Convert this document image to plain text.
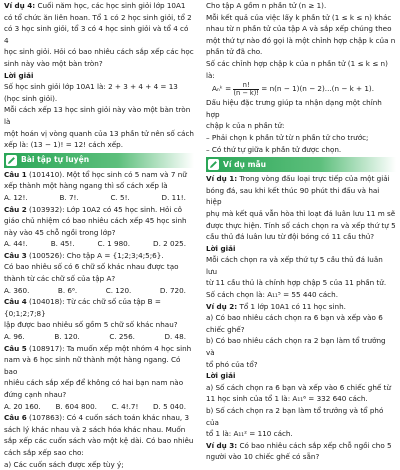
Ví dụ 4: Cuối năm học, các học sinh giỏi lớp 10A1

có tổ chức ăn liên hoan. Tổ 1 có 2 học sinh giỏi, tổ 2

có 3 học sinh giỏi, tổ 3 có 4 học sinh giỏi và tổ 4 có 4

học sinh giỏi. Hỏi có bao nhiêu cách sắp xếp các học

sinh này vào một bàn tròn?

Lời giải

Số học sinh giỏi lớp 10A1 là: 2 + 3 + 4 + 4 = 13

(học sinh giỏi).

Mỗi cách xếp 13 học sinh giỏi này vào một bàn tròn là

một hoán vị vòng quanh của 13 phần tử nên số cách

xếp là: (13 − 1)! = 12! cách xếp.

Bài tập tự luyện

Câu 1 (101410). Một tổ học sinh có 5 nam và 7 nữ

xếp thành một hàng ngang thì số cách xếp là

A. 12!.	B. 7!.	C. 5!.	D. 11!.

Câu 2 (103932): Lớp 10A2 có 45 học sinh. Hỏi cô

giáo chủ nhiệm có bao nhiêu cách xếp 45 học sinh

này vào 45 chỗ ngồi trong lớp?

A. 44!.	B. 45!.	C. 1 980.	D. 2 025.

Câu 3 (100526): Cho tập A = {1;2;3;4;5;6}.

Có bao nhiêu số có 6 chữ số khác nhau được tạo

thành từ các chữ số của tập A?

A. 360.	B. 6⁶.	C. 120.	D. 720.

Câu 4 (104018): Từ các chữ số của tập B = {0;1;2;7;8}

lập được bao nhiêu số gồm 5 chữ số khác nhau?

A. 96.	B. 120.	C. 256.	D. 48.

Câu 5 (108917): Ta muốn xếp một nhóm 4 học sinh

nam và 6 học sinh nữ thành một hàng ngang. Có bao

nhiêu cách sắp xếp để không có hai bạn nam nào

đứng cạnh nhau?

A. 20 160. B. 604 800. C. 4!.7! D. 5 040.

Câu 6 (107863): Có 4 cuốn sách toán khác nhau, 3

sách lý khác nhau và 2 sách hóa khác nhau. Muốn

sắp xếp các cuốn sách vào một kệ dài. Có bao nhiêu

cách sắp xếp sao cho:

a) Các cuốn sách được xếp tùy ý;

Cho tập A gồm n phần tử (n ≥ 1).

Mỗi kết quả của việc lấy k phần tử (1 ≤ k ≤ n) khác

nhau từ n phần tử của tập A và sắp xếp chúng theo

một thứ tự nào đó gọi là một chỉnh hợp chập k của n

phần tử đã cho.

Số các chỉnh hợp chập k của n phần tử (1 ≤ k ≤ n) là:

Aₙᵏ = $\frac{n!}{(n - k)!} = n(n - 1)(n - 2)...(n - k + 1)$.

Dấu hiệu đặc trưng giúp ta nhận dạng một chỉnh hợp

chập k của n phần tử:

– Phải chọn k phần tử từ n phần tử cho trước;

– Có thứ tự giữa k phần tử được chọn.

Ví dụ mẫu

Ví dụ 1: Trong vòng đấu loại trực tiếp của một giải

bóng đá, sau khi kết thúc 90 phút thi đấu và hai hiệp

phụ mà kết quả vẫn hòa thì loạt đá luân lưu 11 m sẽ

được thực hiện. Tính số cách chọn ra và xếp thứ tự 5

cầu thủ đá luân lưu từ đội bóng có 11 cầu thủ?

Lời giải

Mỗi cách chọn ra và xếp thứ tự 5 cầu thủ đá luân lưu

từ 11 cầu thủ là chỉnh hợp chập 5 của 11 phần tử.

Số cách chọn là: A₁₁⁵ = 55 440 cách.

Ví dụ 2: Tổ 1 lớp 10A1 có 11 học sinh.

a) Có bao nhiêu cách chọn ra 6 bạn và xếp vào 6

chiếc ghế?

b) Có bao nhiêu cách chọn ra 2 bạn làm tổ trưởng và

tổ phó của tổ?

Lời giải

a) Số cách chọn ra 6 bạn và xếp vào 6 chiếc ghế từ

11 học sinh của tổ 1 là: A₁₁⁶ = 332 640 cách.

b) Số cách chọn ra 2 bạn làm tổ trưởng và tổ phó của

tổ 1 là: A₁₁² = 110 cách.

Ví dụ 3: Có bao nhiêu cách sắp xếp chỗ ngồi cho 5

người vào 10 chiếc ghế có sẵn?
